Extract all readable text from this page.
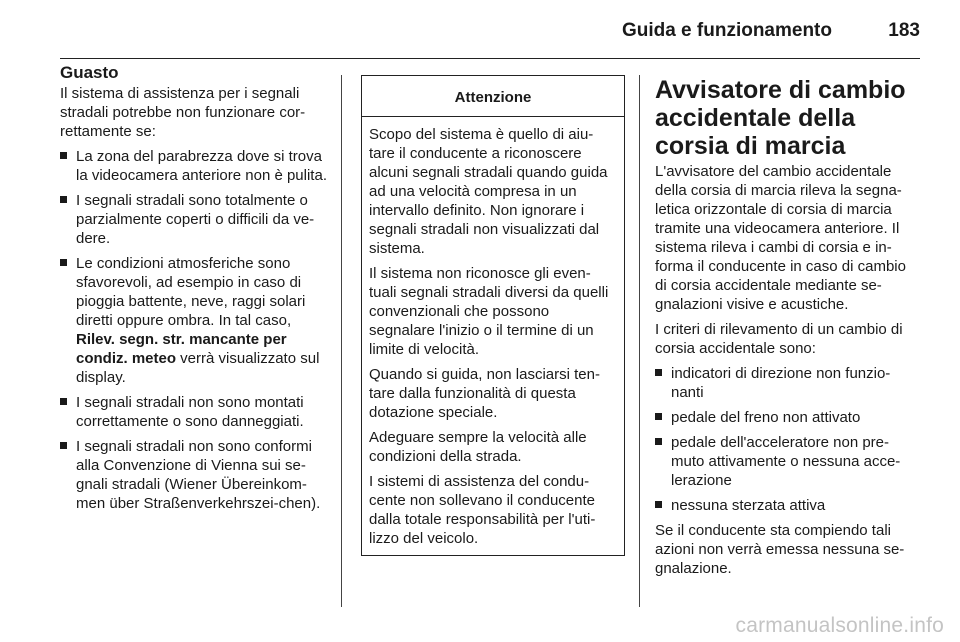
Guida e funzionamento	183
Guasto

Il sistema di assistenza per i segnali stradali potrebbe non funzionare cor-rettamente se:

La zona del parabrezza dove si trova la videocamera anteriore non è pulita.
I segnali stradali sono totalmente o parzialmente coperti o difficili da ve-dere.
Le condizioni atmosferiche sono sfavorevoli, ad esempio in caso di pioggia battente, neve, raggi solari diretti oppure ombra. In tal caso, Rilev. segn. str. mancante per condiz. meteo verrà visualizzato sul display.
I segnali stradali non sono montati correttamente o sono danneggiati.
I segnali stradali non sono conformi alla Convenzione di Vienna sui se-gnali stradali (Wiener Übereinkom-men über Straßenverkehrszei-chen).
Attenzione

Scopo del sistema è quello di aiu-tare il conducente a riconoscere alcuni segnali stradali quando guida ad una velocità compresa in un intervallo definito. Non ignorare i segnali stradali non visualizzati dal sistema.

Il sistema non riconosce gli even-tuali segnali stradali diversi da quelli convenzionali che possono segnalare l'inizio o il termine di un limite di velocità.

Quando si guida, non lasciarsi ten-tare dalla funzionalità di questa dotazione speciale.

Adeguare sempre la velocità alle condizioni della strada.

I sistemi di assistenza del condu-cente non sollevano il conducente dalla totale responsabilità per l'uti-lizzo del veicolo.

Avvisatore di cambio accidentale della corsia di marcia

L'avvisatore del cambio accidentale della corsia di marcia rileva la segna-letica orizzontale di corsia di marcia tramite una videocamera anteriore. Il sistema rileva i cambi di corsia e in-forma il conducente in caso di cambio di corsia accidentale mediante se-gnalazioni visive e acustiche.

I criteri di rilevamento di un cambio di corsia accidentale sono:

indicatori di direzione non funzio-nanti
pedale del freno non attivato
pedale dell'acceleratore non pre-muto attivamente o nessuna acce-lerazione
nessuna sterzata attiva

Se il conducente sta compiendo tali azioni non verrà emessa nessuna se-gnalazione.

carmanualsonline.info
